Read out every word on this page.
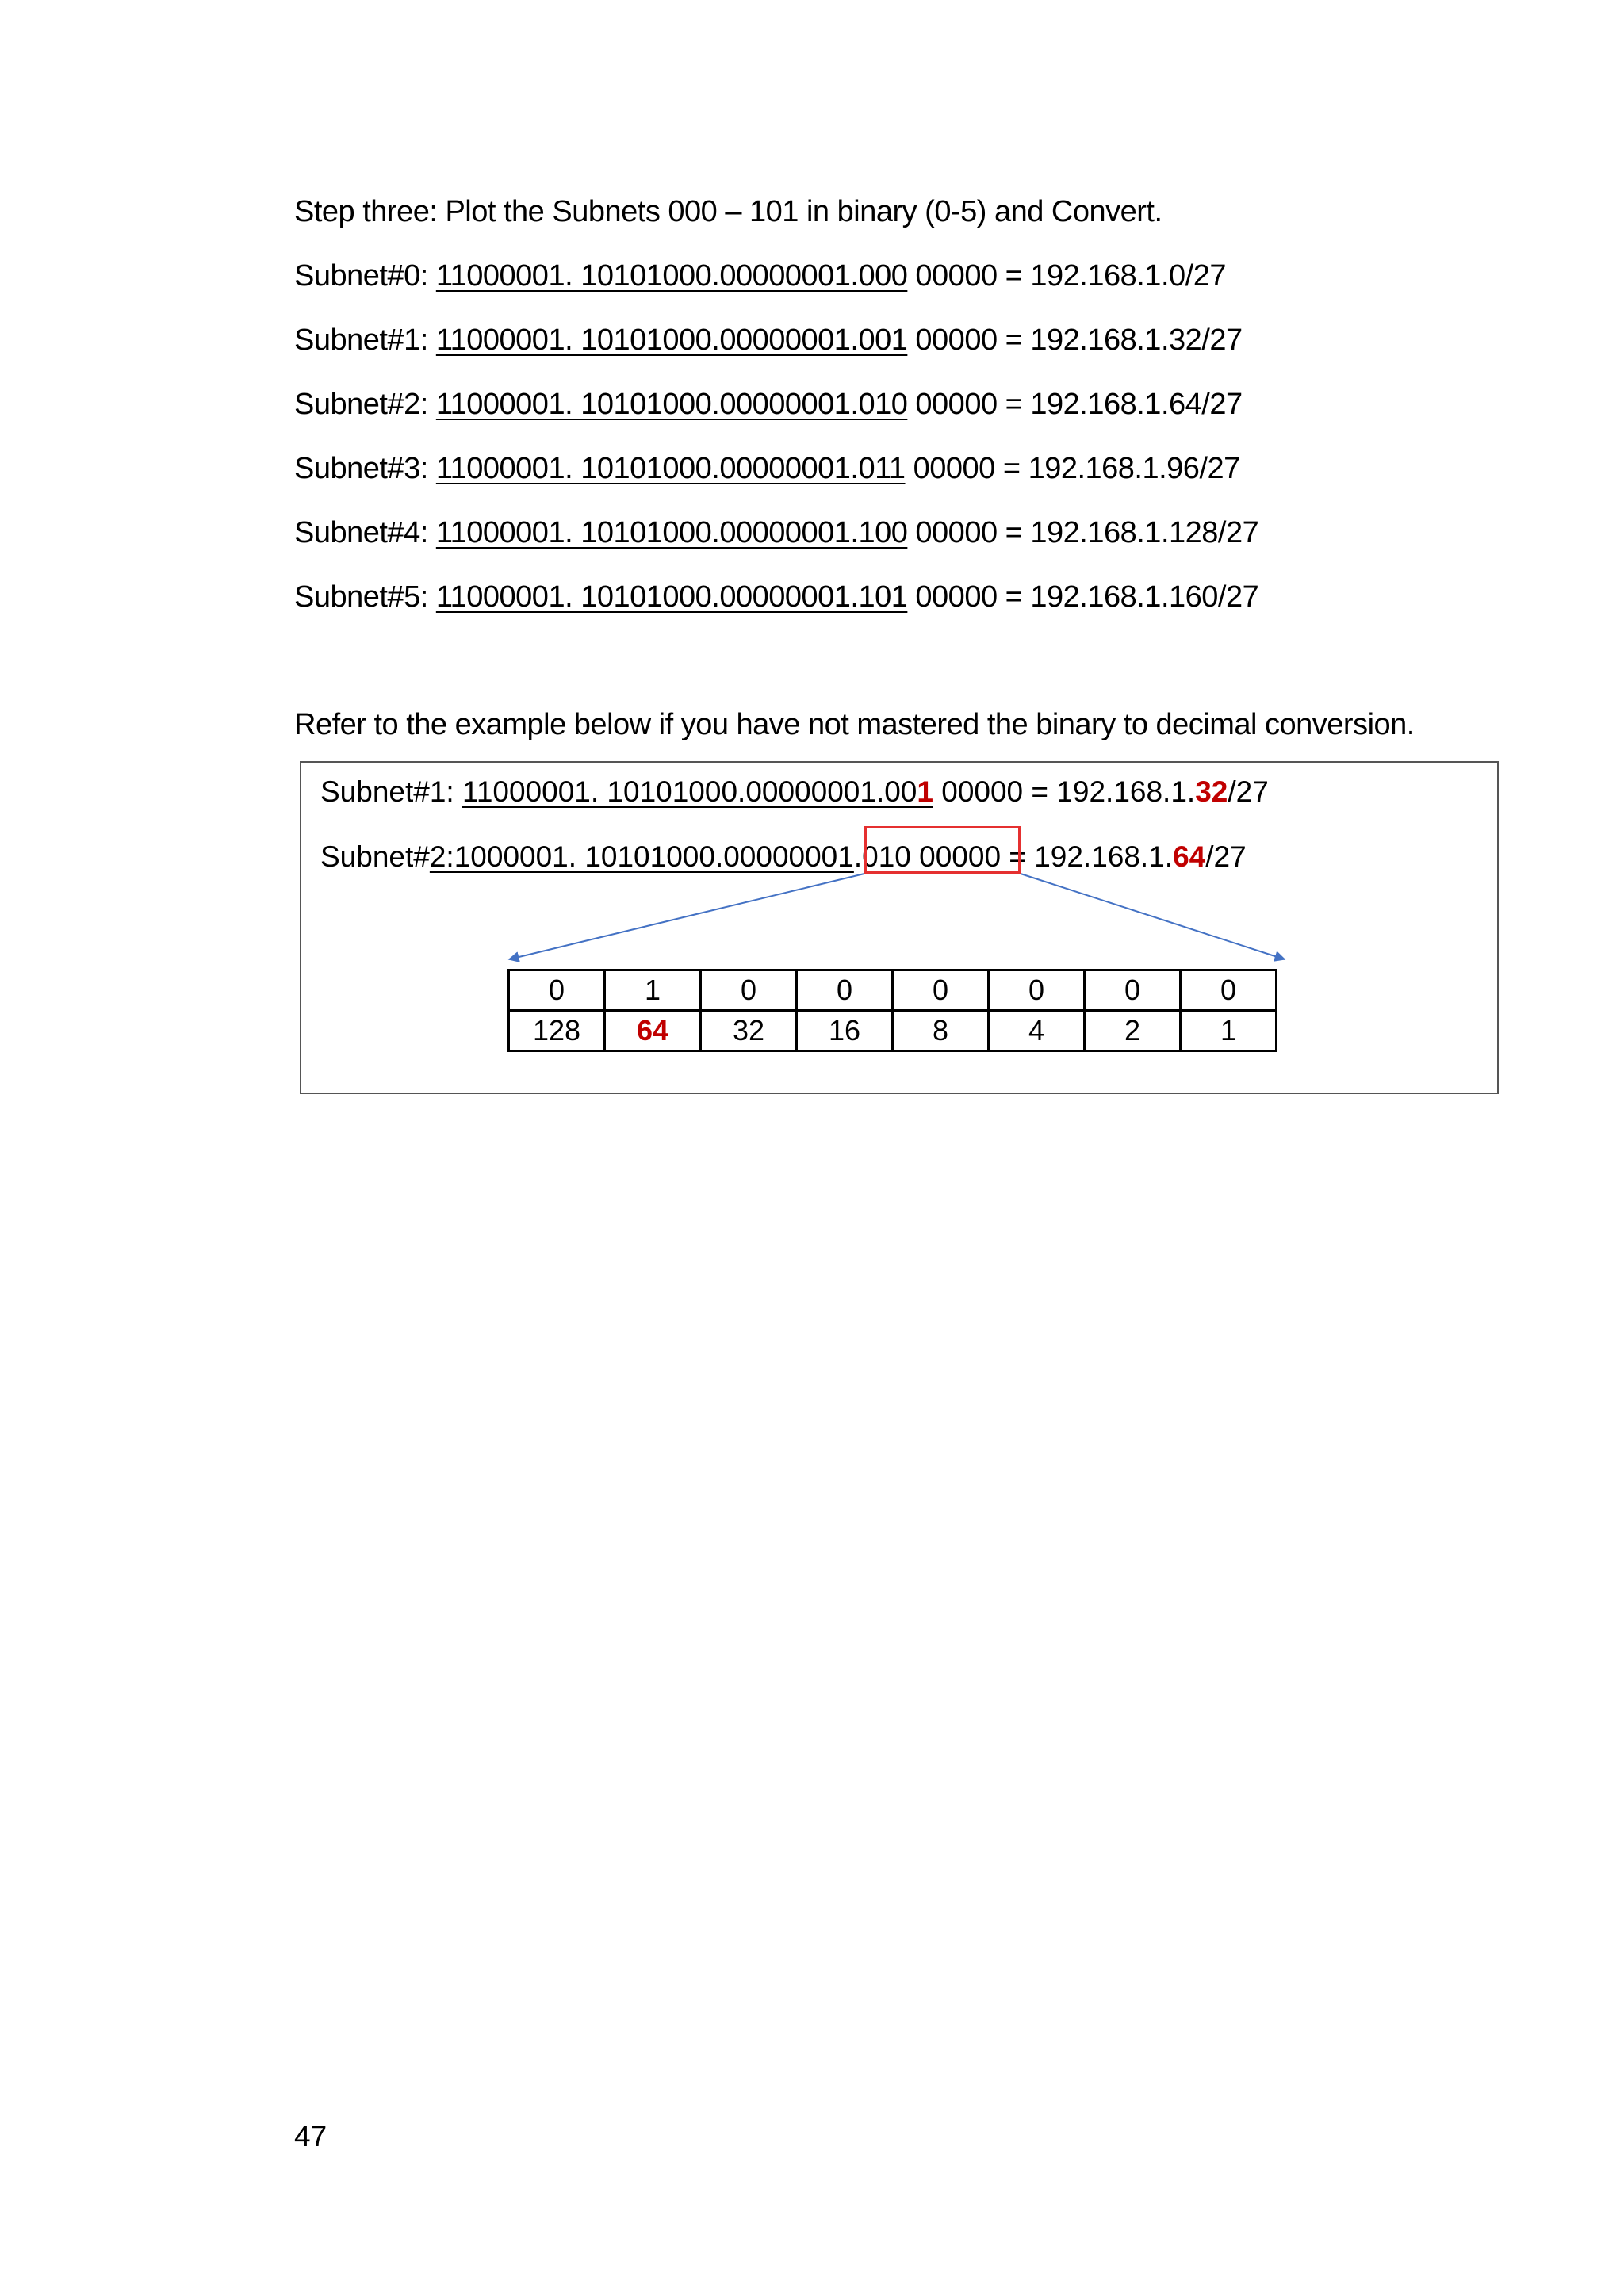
Step three: Plot the Subnets 000 – 101 in binary (0-5) and Convert.
Subnet#0: 11000001. 10101000.00000001.000 00000 = 192.168.1.0/27
Subnet#1: 11000001. 10101000.00000001.001 00000 = 192.168.1.32/27
Subnet#2: 11000001. 10101000.00000001.010 00000 = 192.168.1.64/27
Subnet#3: 11000001. 10101000.00000001.011 00000 = 192.168.1.96/27
Subnet#4: 11000001. 10101000.00000001.100 00000 = 192.168.1.128/27
Subnet#5: 11000001. 10101000.00000001.101 00000 = 192.168.1.160/27
Refer to the example below if you have not mastered the binary to decimal conversion.
Subnet#1: 11000001. 10101000.00000001.001 00000 = 192.168.1.32/27
Subnet#2:1000001. 10101000.00000001.010 00000 = 192.168.1.64/27
0	1	0	0	0	0	0	0
128	64	32	16	8	4	2	1
47
